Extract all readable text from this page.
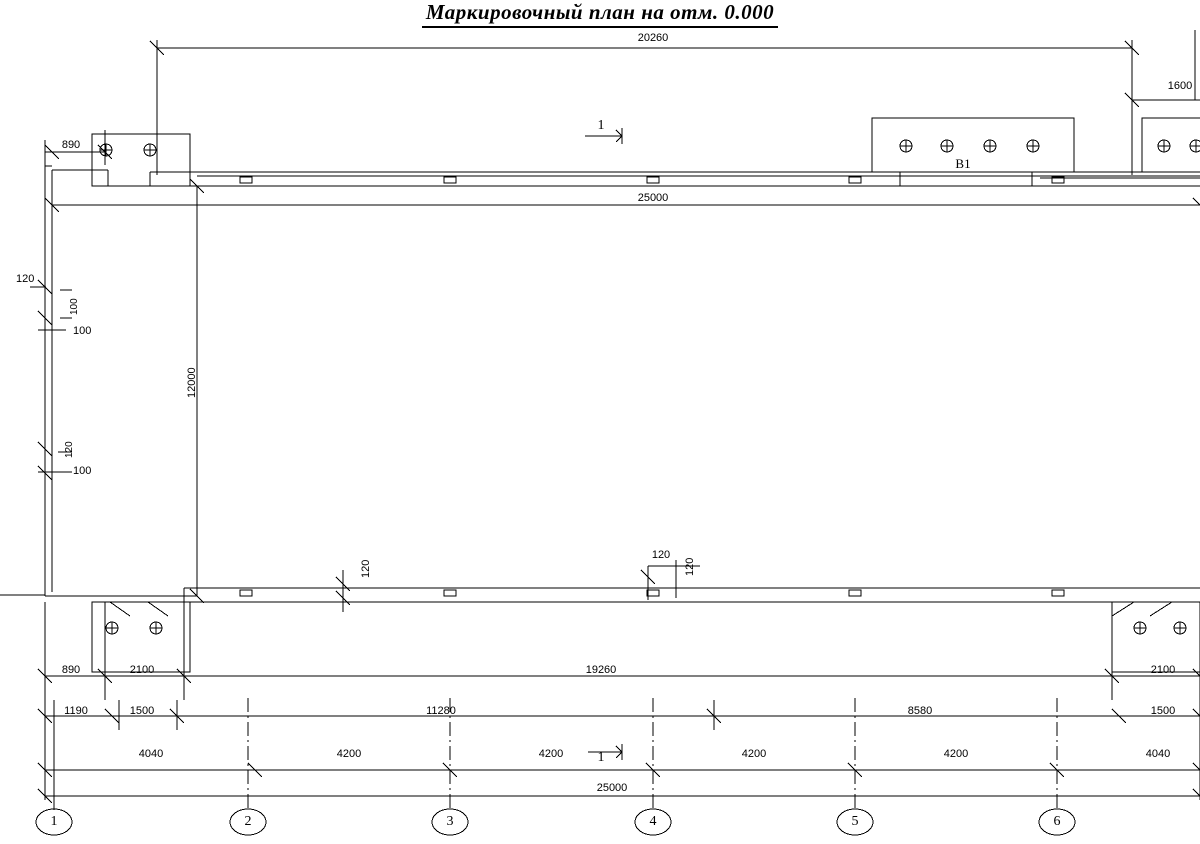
Маркировочный план на отм. 0.000
20260
1600
890
25000
1
1
В1
120
100
100
12000
120
100
120
120
120
890	2100	19260	2100
1190	1500	11280	8580	1500
4040	4200	4200	4200	4200	4040
25000
1	2	3	4	5	6
